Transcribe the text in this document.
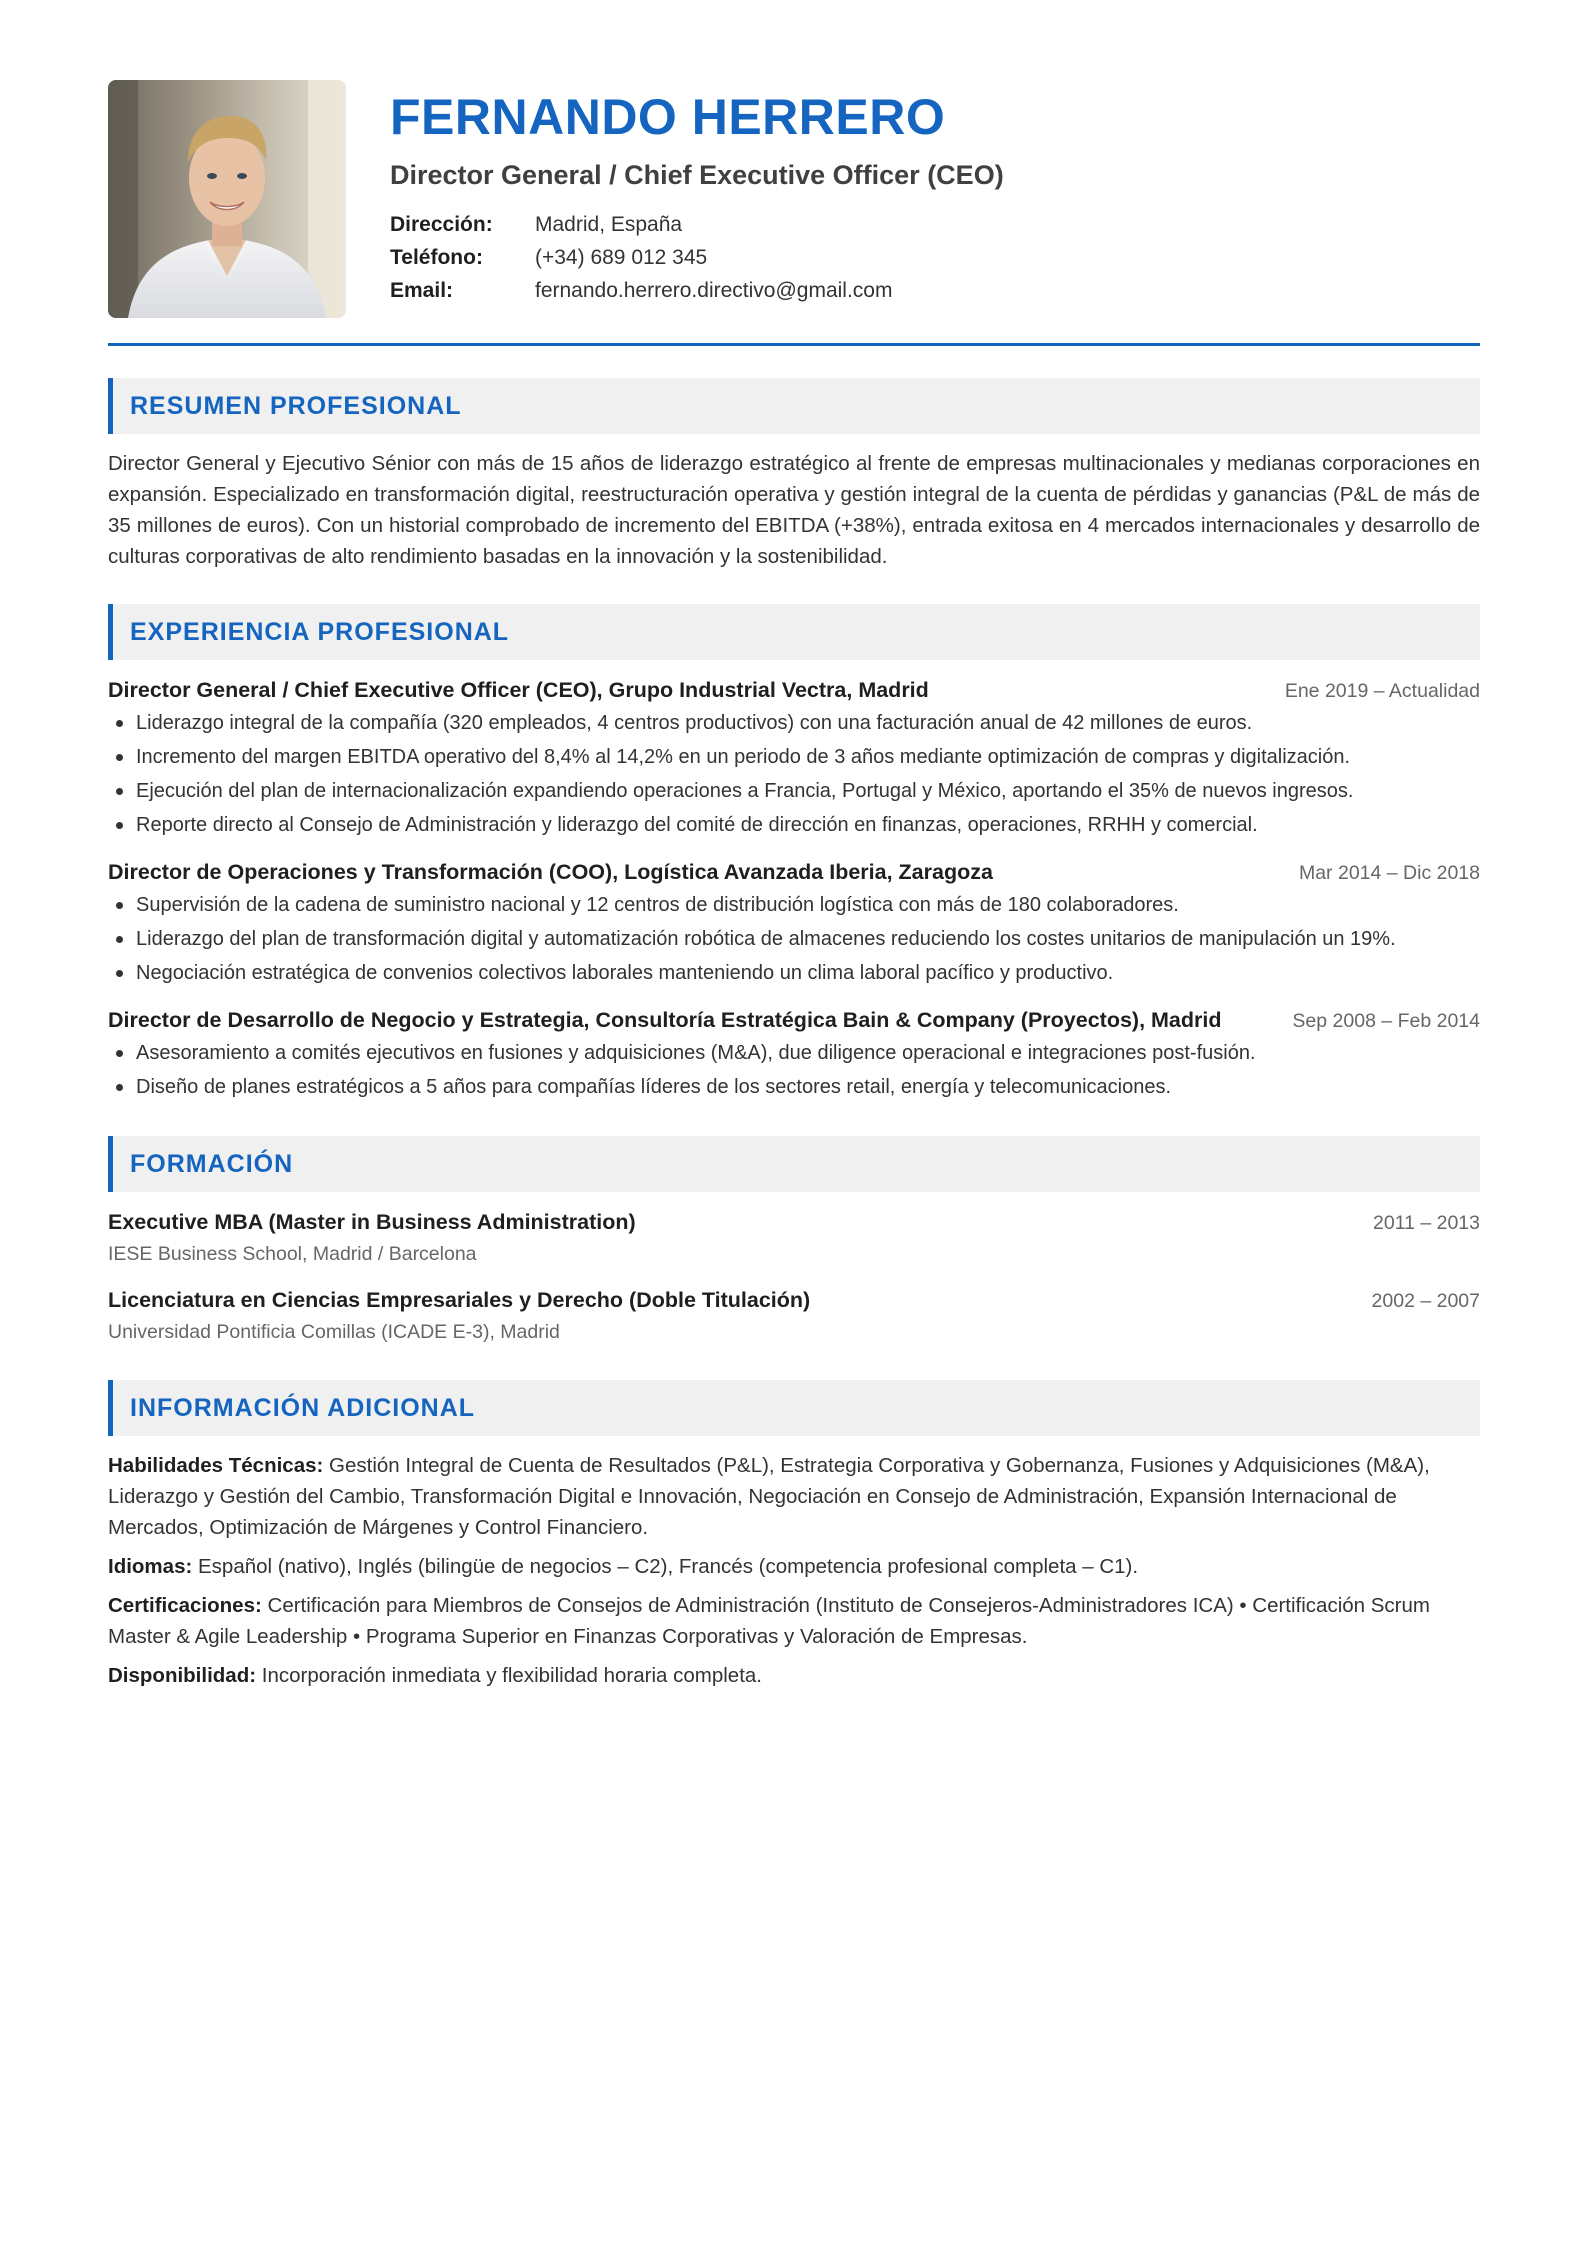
FERNANDO HERRERO
Director General / Chief Executive Officer (CEO)
Dirección:	Madrid, España
Teléfono:	(+34) 689 012 345
Email:	fernando.herrero.directivo@gmail.com
RESUMEN PROFESIONAL

Director General y Ejecutivo Sénior con más de 15 años de liderazgo estratégico al frente de empresas multinacionales y medianas corporaciones en expansión. Especializado en transformación digital, reestructuración operativa y gestión integral de la cuenta de pérdidas y ganancias (P&L de más de 35 millones de euros). Con un historial comprobado de incremento del EBITDA (+38%), entrada exitosa en 4 mercados internacionales y desarrollo de culturas corporativas de alto rendimiento basadas en la innovación y la sostenibilidad.

EXPERIENCIA PROFESIONAL
Director General / Chief Executive Officer (CEO), Grupo Industrial Vectra, Madrid	Ene 2019 – Actualidad
Liderazgo integral de la compañía (320 empleados, 4 centros productivos) con una facturación anual de 42 millones de euros.
Incremento del margen EBITDA operativo del 8,4% al 14,2% en un periodo de 3 años mediante optimización de compras y digitalización.
Ejecución del plan de internacionalización expandiendo operaciones a Francia, Portugal y México, aportando el 35% de nuevos ingresos.
Reporte directo al Consejo de Administración y liderazgo del comité de dirección en finanzas, operaciones, RRHH y comercial.
Director de Operaciones y Transformación (COO), Logística Avanzada Iberia, Zaragoza	Mar 2014 – Dic 2018
Supervisión de la cadena de suministro nacional y 12 centros de distribución logística con más de 180 colaboradores.
Liderazgo del plan de transformación digital y automatización robótica de almacenes reduciendo los costes unitarios de manipulación un 19%.
Negociación estratégica de convenios colectivos laborales manteniendo un clima laboral pacífico y productivo.
Director de Desarrollo de Negocio y Estrategia, Consultoría Estratégica Bain & Company (Proyectos), Madrid	Sep 2008 – Feb 2014
Asesoramiento a comités ejecutivos en fusiones y adquisiciones (M&A), due diligence operacional e integraciones post-fusión.
Diseño de planes estratégicos a 5 años para compañías líderes de los sectores retail, energía y telecomunicaciones.
FORMACIÓN
Executive MBA (Master in Business Administration)	2011 – 2013
IESE Business School, Madrid / Barcelona
Licenciatura en Ciencias Empresariales y Derecho (Doble Titulación)	2002 – 2007
Universidad Pontificia Comillas (ICADE E-3), Madrid
INFORMACIÓN ADICIONAL
Habilidades Técnicas: Gestión Integral de Cuenta de Resultados (P&L), Estrategia Corporativa y Gobernanza, Fusiones y Adquisiciones (M&A), Liderazgo y Gestión del Cambio, Transformación Digital e Innovación, Negociación en Consejo de Administración, Expansión Internacional de Mercados, Optimización de Márgenes y Control Financiero.
Idiomas: Español (nativo), Inglés (bilingüe de negocios – C2), Francés (competencia profesional completa – C1).
Certificaciones: Certificación para Miembros de Consejos de Administración (Instituto de Consejeros-Administradores ICA) • Certificación Scrum Master & Agile Leadership • Programa Superior en Finanzas Corporativas y Valoración de Empresas.
Disponibilidad: Incorporación inmediata y flexibilidad horaria completa.
